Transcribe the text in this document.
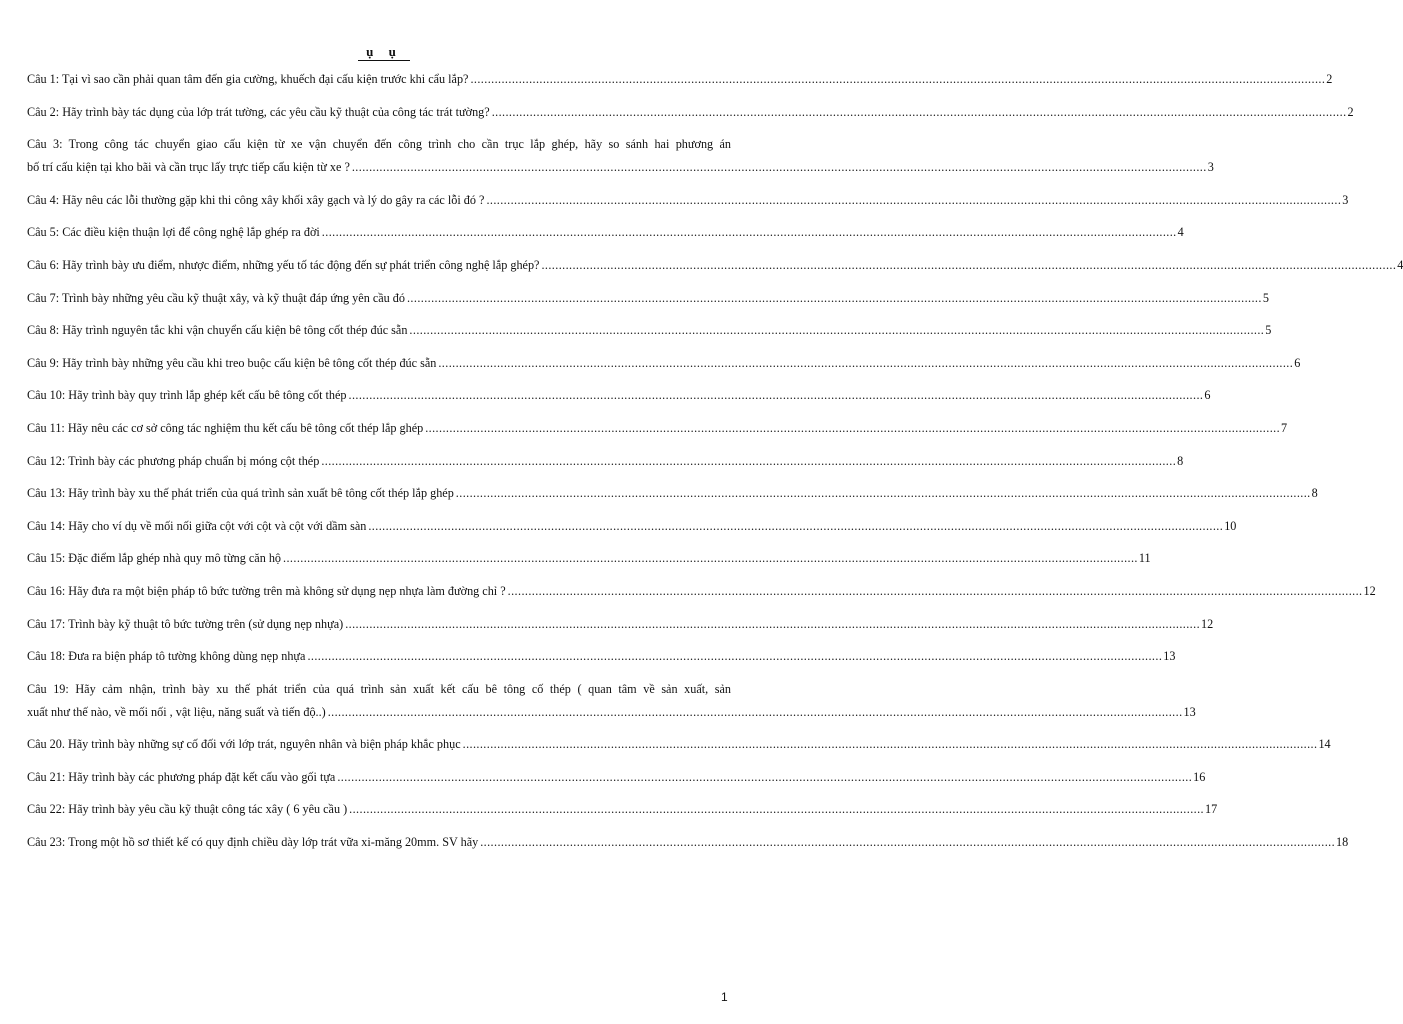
ụ ụ
Câu 1: Tại vì sao cần phải quan tâm đến gia cường, khuếch đại cấu kiện trước khi cẩu lắp? .....	2
Câu 2: Hãy trình bày tác dụng của lớp trát tường, các yêu cầu kỹ thuật của công tác trát tường? .....	2
Câu 3: Trong công tác chuyển giao cấu kiện từ xe vận chuyển đến công trình cho cần trục lắp ghép, hãy so sánh hai phương án
bố trí cấu kiện tại kho bãi và cần trục lấy trực tiếp cấu kiện từ xe ? .....	3
Câu 4: Hãy nêu các lỗi thường gặp khi thi công xây khối xây gạch và lý do gây ra các lỗi đó ? .....	3
Câu 5: Các điều kiện thuận lợi để công nghệ lắp ghép ra đời .....	4
Câu 6: Hãy trình bày ưu điểm, nhược điểm, những yếu tố tác động đến sự phát triển công nghệ lắp ghép? .....	4
Câu 7: Trình bày những yêu cầu kỹ thuật xây, và kỹ thuật đáp ứng yên cầu đó .....	5
Câu 8: Hãy trình nguyên tắc khi vận chuyển cấu kiện bê tông cốt thép đúc sẵn .....	5
Câu 9: Hãy trình bày những yêu cầu khi treo buộc cấu kiện bê tông cốt thép đúc sẵn .....	6
Câu 10: Hãy trình bày quy trình lắp ghép kết cấu bê tông cốt thép .....	6
Câu 11: Hãy nêu các cơ sở công tác nghiệm thu kết cấu bê tông cốt thép lắp ghép .....	7
Câu 12: Trình bày các phương pháp chuẩn bị móng cột thép .....	8
Câu 13: Hãy trình bày xu thế phát triển của quá trình sản xuất bê tông cốt thép lắp ghép .....	8
Câu 14: Hãy cho ví dụ về mối nối giữa cột với cột và cột với dầm sàn .....	10
Câu 15: Đặc điểm lắp ghép nhà quy mô từng căn hộ .....	11
Câu 16: Hãy đưa ra một biện pháp tô bức tường trên mà không sử dụng nẹp nhựa làm đường chỉ ? .....	12
Câu 17: Trình bày kỹ thuật tô bức tường trên (sử dụng nẹp nhựa) .....	12
Câu 18: Đưa ra biện pháp tô tường không dùng nẹp nhựa .....	13
Câu 19: Hãy cảm nhận, trình bày xu thế phát triển của quá trình sản xuất kết cấu bê tông cố thép ( quan tâm về sản xuất, sản
xuất như thế nào, về mối nối , vật liệu, năng suất và tiến độ..) .....	13
Câu 20. Hãy trình bày những sự cố đối với lớp trát, nguyên nhân và biện pháp khắc phục .....	14
Câu 21: Hãy trình bày các phương pháp đặt kết cấu vào gối tựa .....	16
Câu 22: Hãy trình bày yêu cầu kỹ thuật công tác xây ( 6 yêu cầu ) .....	17
Câu 23: Trong một hồ sơ thiết kế có quy định chiều dày lớp trát vữa xi-măng 20mm. SV hãy .....	18
1
